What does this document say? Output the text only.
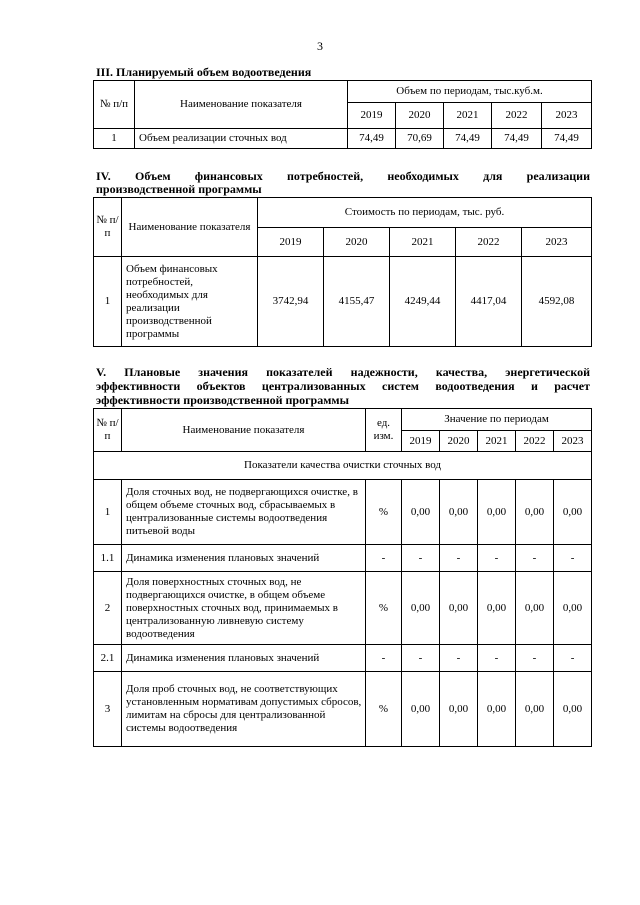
3
III. Планируемый объем водоотведения
№ п/п	Наименование показателя	Объем по периодам, тыс.куб.м.				
		2019	2020	2021	2022	2023
1	Объем реализации сточных вод	74,49	70,69	74,49	74,49	74,49
IV. Объем финансовых потребностей, необходимых для реализации
производственной программы
№ п/п	Наименование показателя	Стоимость по периодам, тыс. руб.				
		2019	2020	2021	2022	2023
1	Объем финансовых потребностей, необходимых для реализации производственной программы	3742,94	4155,47	4249,44	4417,04	4592,08
V. Плановые значения показателей надежности, качества, энергетической
эффективности объектов централизованных систем водоотведения и расчет
эффективности производственной программы
№ п/п	Наименование показателя	ед. изм.	Значение по периодам				
			2019	2020	2021	2022	2023
Показатели качества очистки сточных вод							
1	Доля сточных вод, не подвергающихся очистке, в общем объеме сточных вод, сбрасываемых в централизованные системы водоотведения питьевой воды	%	0,00	0,00	0,00	0,00	0,00
1.1	Динамика изменения плановых значений	-	-	-	-	-	-
2	Доля поверхностных сточных вод, не подвергающихся очистке, в общем объеме поверхностных сточных вод, принимаемых в централизованную ливневую систему водоотведения	%	0,00	0,00	0,00	0,00	0,00
2.1	Динамика изменения плановых значений	-	-	-	-	-	-
3	Доля проб сточных вод, не соответствующих установленным нормативам допустимых сбросов, лимитам на сбросы для централизованной системы водоотведения	%	0,00	0,00	0,00	0,00	0,00
